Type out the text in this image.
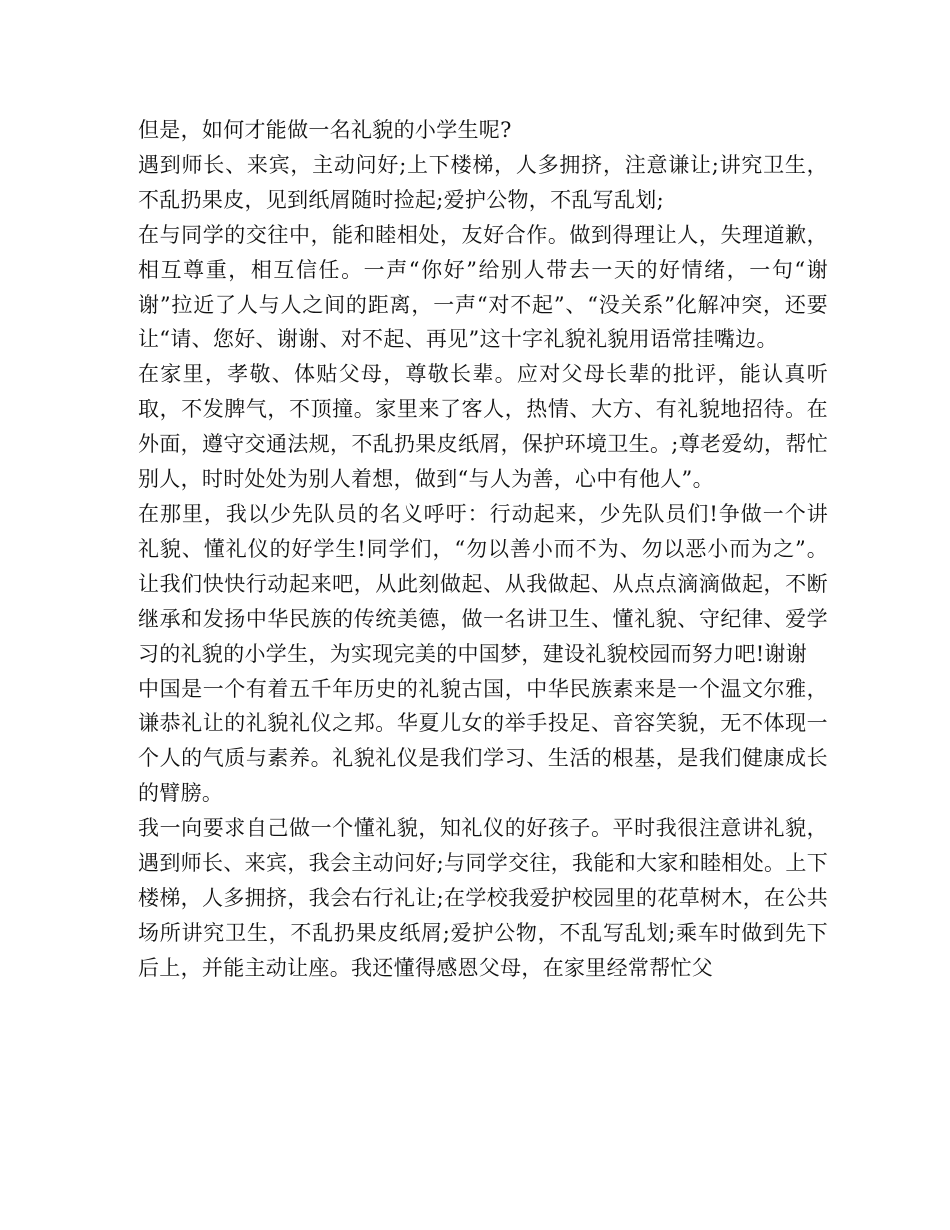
但是，如何才能做一名礼貌的小学生呢?

遇到师长、来宾，主动问好;上下楼梯，人多拥挤，注意谦让;讲究卫生，不乱扔果皮，见到纸屑随时捡起;爱护公物，不乱写乱划;

在与同学的交往中，能和睦相处，友好合作。做到得理让人，失理道歉，相互尊重，相互信任。一声“你好”给别人带去一天的好情绪，一句“谢谢”拉近了人与人之间的距离，一声“对不起”、“没关系”化解冲突，还要让“请、您好、谢谢、对不起、再见”这十字礼貌礼貌用语常挂嘴边。

在家里，孝敬、体贴父母，尊敬长辈。应对父母长辈的批评，能认真听取，不发脾气，不顶撞。家里来了客人，热情、大方、有礼貌地招待。在外面，遵守交通法规，不乱扔果皮纸屑，保护环境卫生。;尊老爱幼，帮忙别人，时时处处为别人着想，做到“与人为善，心中有他人”。

在那里，我以少先队员的名义呼吁：行动起来，少先队员们!争做一个讲礼貌、懂礼仪的好学生!同学们，“勿以善小而不为、勿以恶小而为之”。让我们快快行动起来吧，从此刻做起、从我做起、从点点滴滴做起，不断继承和发扬中华民族的传统美德，做一名讲卫生、懂礼貌、守纪律、爱学习的礼貌的小学生，为实现完美的中国梦，建设礼貌校园而努力吧!谢谢

中国是一个有着五千年历史的礼貌古国，中华民族素来是一个温文尔雅，谦恭礼让的礼貌礼仪之邦。华夏儿女的举手投足、音容笑貌，无不体现一个人的气质与素养。礼貌礼仪是我们学习、生活的根基，是我们健康成长的臂膀。

我一向要求自己做一个懂礼貌，知礼仪的好孩子。平时我很注意讲礼貌，遇到师长、来宾，我会主动问好;与同学交往，我能和大家和睦相处。上下楼梯，人多拥挤，我会右行礼让;在学校我爱护校园里的花草树木，在公共场所讲究卫生，不乱扔果皮纸屑;爱护公物，不乱写乱划;乘车时做到先下后上，并能主动让座。我还懂得感恩父母，在家里经常帮忙父
